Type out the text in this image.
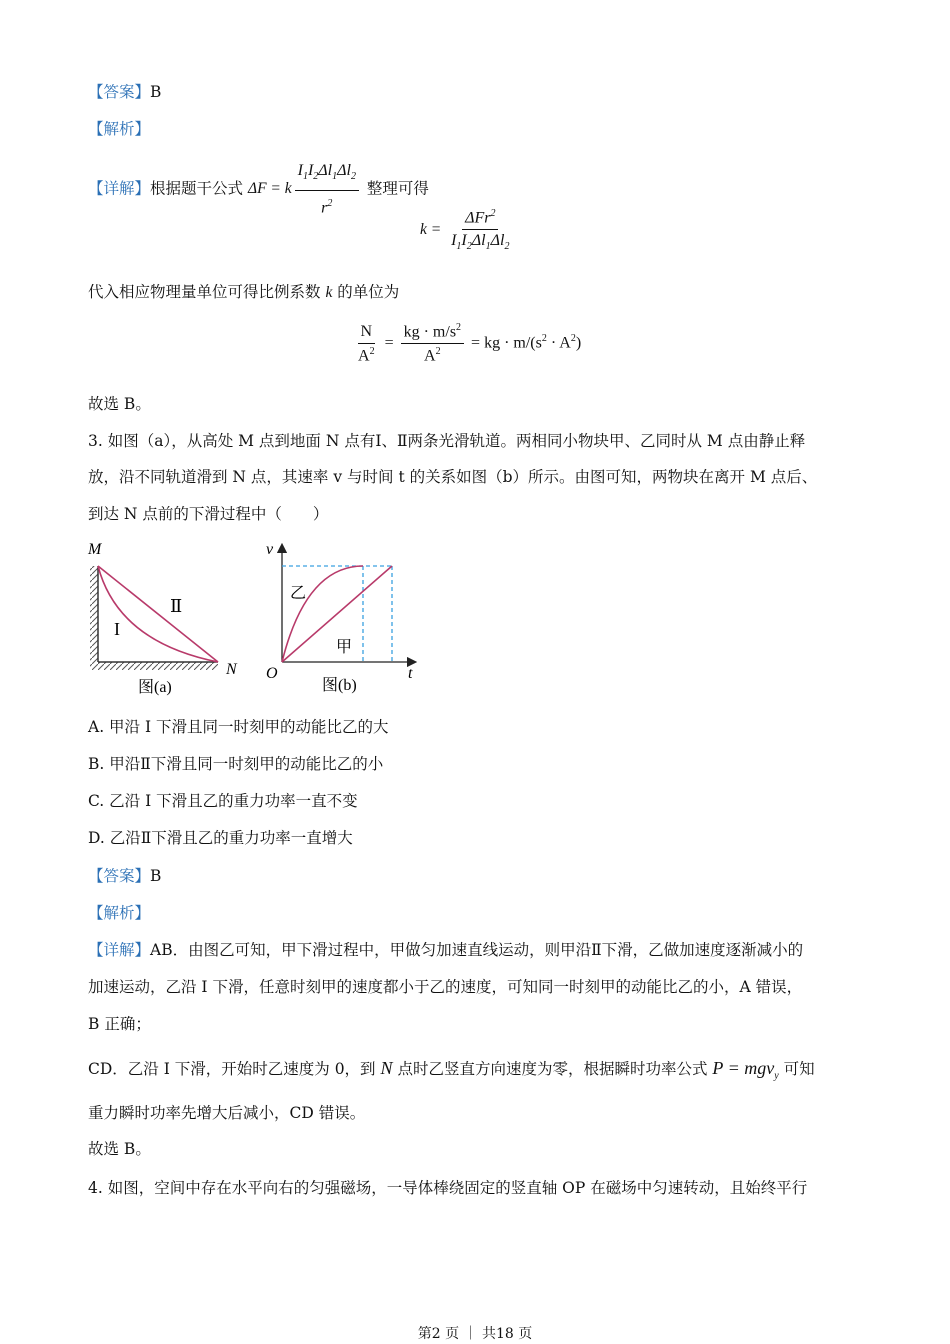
【答案】B
【解析】
【详解】根据题干公式 ΔF = k $\frac{I_1I_2\Delta l_1\Delta l_2}{r^2}$ 整理可得
$k = \frac{\Delta Fr^2}{I_1I_2\Delta l_1\Delta l_2}$
代入相应物理量单位可得比例系数 k 的单位为
$\frac{N}{A^2} = \frac{kg \cdot m/s^2}{A^2}$ = kg · $m/(s^2 \cdot A^2)$
故选 B。
3. 如图（a），从高处 M 点到地面 N 点有Ⅰ、Ⅱ两条光滑轨道。两相同小物块甲、乙同时从 M 点由静止释
放，沿不同轨道滑到 N 点，其速率 v 与时间 t 的关系如图（b）所示。由图可知，两物块在离开 M 点后、
到达 N 点前的下滑过程中（　　）
M
N
I
Ⅱ
图(a)
v
t
O
乙
甲
图(b)
A. 甲沿 I 下滑且同一时刻甲的动能比乙的大
B. 甲沿Ⅱ下滑且同一时刻甲的动能比乙的小
C. 乙沿 I 下滑且乙的重力功率一直不变
D. 乙沿Ⅱ下滑且乙的重力功率一直增大
【答案】B
【解析】
【详解】AB．由图乙可知，甲下滑过程中，甲做匀加速直线运动，则甲沿Ⅱ下滑，乙做加速度逐渐减小的
加速运动，乙沿 I 下滑，任意时刻甲的速度都小于乙的速度，可知同一时刻甲的动能比乙的小，A 错误，
B 正确；
CD．乙沿 I 下滑，开始时乙速度为 0，到 N 点时乙竖直方向速度为零，根据瞬时功率公式 P = mgv$_y$ 可知
重力瞬时功率先增大后减小，CD 错误。
故选 B。
4. 如图，空间中存在水平向右的匀强磁场，一导体棒绕固定的竖直轴 OP 在磁场中匀速转动，且始终平行
第2 页 ｜ 共18 页
